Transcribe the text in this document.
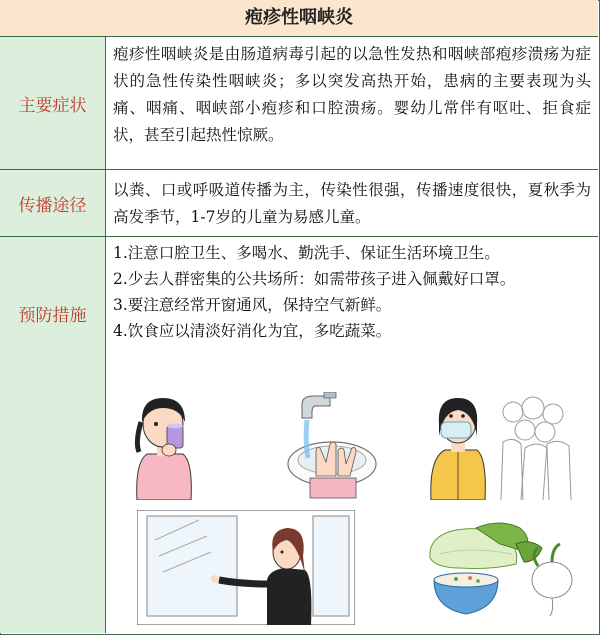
疱疹性咽峡炎
主要症状
疱疹性咽峡炎是由肠道病毒引起的以急性发热和咽峡部疱疹溃疡为症状的急性传染性咽峡炎；多以突发高热开始，患病的主要表现为头痛、咽痛、咽峡部小疱疹和口腔溃疡。婴幼儿常伴有呕吐、拒食症状，甚至引起热性惊厥。
传播途径
以粪、口或呼吸道传播为主，传染性很强，传播速度很快，夏秋季为高发季节，1-7岁的儿童为易感儿童。
预防措施
1.注意口腔卫生、多喝水、勤洗手、保证生活环境卫生。
2.少去人群密集的公共场所：如需带孩子进入佩戴好口罩。
3.要注意经常开窗通风，保持空气新鲜。
4.饮食应以清淡好消化为宜，多吃蔬菜。
